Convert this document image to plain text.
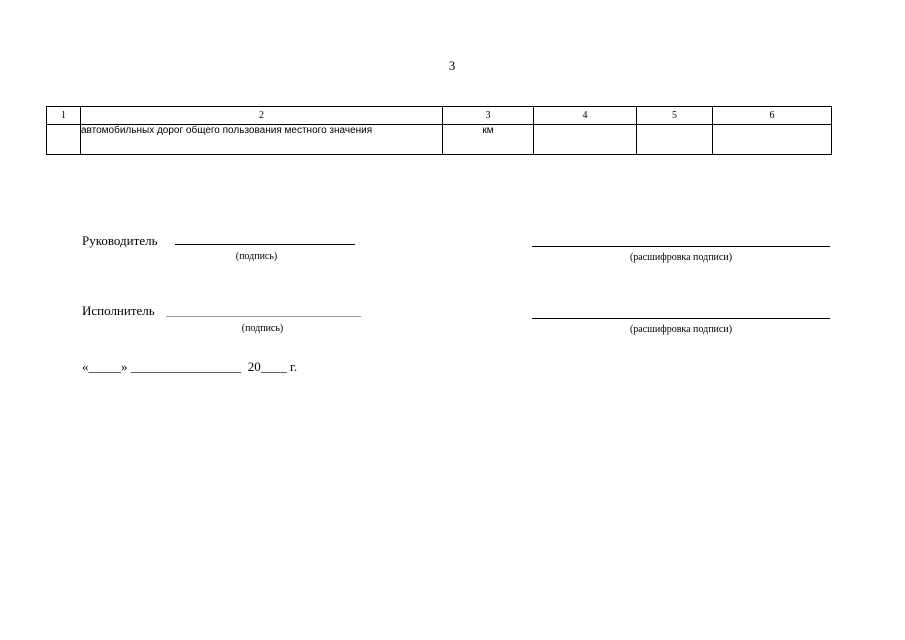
3
1	2	3	4	5	6
	автомобильных дорог общего пользования местного значения	км			
Руководитель
(подпись)	(расшифровка подписи)
Исполнитель
(подпись)	(расшифровка подписи)
«_____» _________________ 20____ г.
